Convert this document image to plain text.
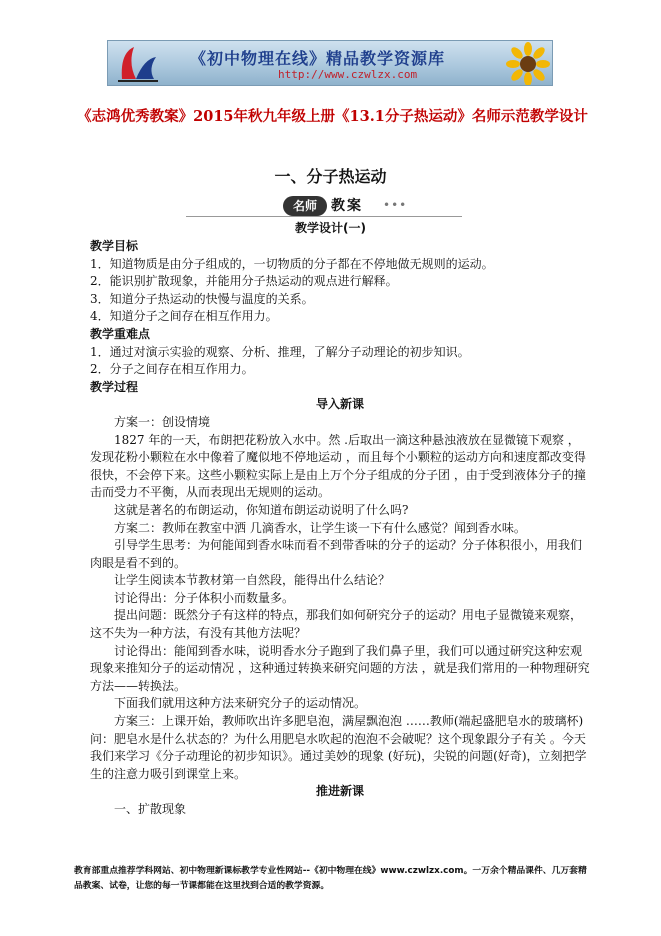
《初中物理在线》精品教学资源库
http://www.czwlzx.com
《志鸿优秀教案》2015年秋九年级上册《13.1分子热运动》名师示范教学设计
一、分子热运动
名师	教案 •••
教学设计(一)

教学目标

1．知道物质是由分子组成的，一切物质的分子都在不停地做无规则的运动。

2．能识别扩散现象，并能用分子热运动的观点进行解释。

3．知道分子热运动的快慢与温度的关系。

4．知道分子之间存在相互作用力。

教学重难点

1．通过对演示实验的观察、分析、推理，了解分子动理论的初步知识。

2．分子之间存在相互作用力。

教学过程

导入新课

方案一：创设情境

1827 年的一天，布朗把花粉放入水中。然 .后取出一滴这种悬浊液放在显微镜下观察 ，发现花粉小颗粒在水中像着了魔似地不停地运动 ，而且每个小颗粒的运动方向和速度都改变得很快，不会停下来。这些小颗粒实际上是由上万个分子组成的分子团 ，由于受到液体分子的撞击而受力不平衡，从而表现出无规则的运动。

这就是著名的布朗运动，你知道布朗运动说明了什么吗?

方案二：教师在教室中洒 几滴香水，让学生谈一下有什么感觉？闻到香水味。

引导学生思考：为何能闻到香水味而看不到带香味的分子的运动？分子体积很小，用我们肉眼是看不到的。

让学生阅读本节教材第一自然段，能得出什么结论？

讨论得出：分子体积小而数量多。

提出问题：既然分子有这样的特点，那我们如何研究分子的运动？用电子显微镜来观察，这不失为一种方法，有没有其他方法呢？

讨论得出：能闻到香水味，说明香水分子跑到了我们鼻子里，我们可以通过研究这种宏观现象来推知分子的运动情况 ，这种通过转换来研究问题的方法 ，就是我们常用的一种物理研究方法——转换法。

下面我们就用这种方法来研究分子的运动情况。

方案三：上课开始，教师吹出许多肥皂泡，满屋飘泡泡 ……教师(端起盛肥皂水的玻璃杯)问：肥皂水是什么状态的？为什么用肥皂水吹起的泡泡不会破呢？这个现象跟分子有关 。今天我们来学习《分子动理论的初步知识》。通过美妙的现象 (好玩)，尖锐的问题(好奇)，立刻把学生的注意力吸引到课堂上来。

推进新课

一、扩散现象

教育部重点推荐学科网站、初中物理新课标教学专业性网站--《初中物理在线》www.czwlzx.com。一万余个精品课件、几万套精品教案、试卷，让您的每一节课都能在这里找到合适的教学资源。
